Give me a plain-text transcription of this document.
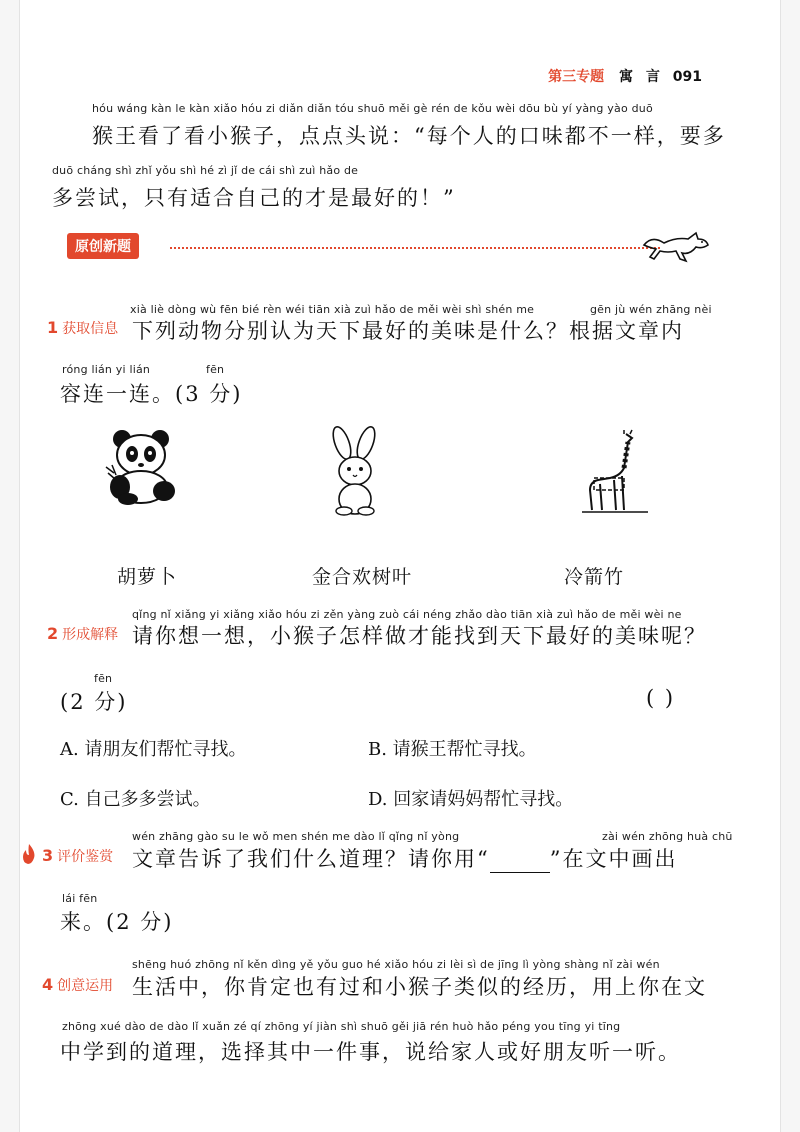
第三专题 寓 言 091
hóu wáng kàn le kàn xiǎo hóu zi diǎn diǎn tóu shuō měi gè rén de kǒu wèi dōu bù yí yàng yào duō
猴王看了看小猴子，点点头说：“每个人的口味都不一样，要多
duō cháng shì zhǐ yǒu shì hé zì jǐ de cái shì zuì hǎo de
多尝试，只有适合自己的才是最好的！”
原创新题
xià liè dòng wù fēn bié rèn wéi tiān xià zuì hǎo de měi wèi shì shén me	gēn jù wén zhāng nèi
1 获取信息 下列动物分别认为天下最好的美味是什么？根据文章内
róng lián yi lián	fēn
容连一连。(3 分)
胡萝卜	金合欢树叶	冷箭竹
qǐng nǐ xiǎng yi xiǎng xiǎo hóu zi zěn yàng zuò cái néng zhǎo dào tiān xià zuì hǎo de měi wèi ne
2 形成解释 请你想一想，小猴子怎样做才能找到天下最好的美味呢？
fēn
(2 分)	( )
A. 请朋友们帮忙寻找。	B. 请猴王帮忙寻找。
C. 自己多多尝试。	D. 回家请妈妈帮忙寻找。
wén zhāng gào su le wǒ men shén me dào lǐ qǐng nǐ yòng	zài wén zhōng huà chū
3 评价鉴赏 文章告诉了我们什么道理？请你用“	”在文中画出
lái fēn
来。(2 分)
shēng huó zhōng nǐ kěn dìng yě yǒu guo hé xiǎo hóu zi lèi sì de jīng lì yòng shàng nǐ zài wén
4 创意运用 生活中，你肯定也有过和小猴子类似的经历，用上你在文
zhōng xué dào de dào lǐ xuǎn zé qí zhōng yí jiàn shì shuō gěi jiā rén huò hǎo péng you tīng yi tīng
中学到的道理，选择其中一件事，说给家人或好朋友听一听。
